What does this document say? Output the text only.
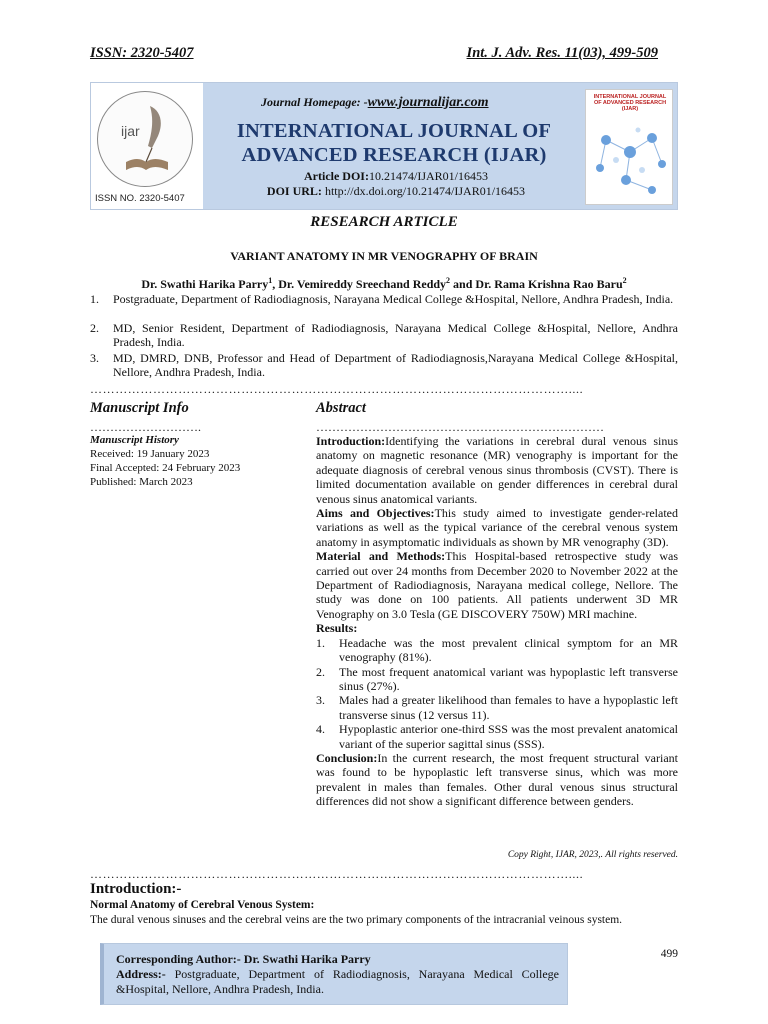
ISSN: 2320-5407	Int. J. Adv. Res. 11(03), 499-509
ijar
ISSN NO. 2320-5407
Journal Homepage: -www.journalijar.com
INTERNATIONAL JOURNAL OF
ADVANCED RESEARCH (IJAR)
Article DOI:10.21474/IJAR01/16453
DOI URL: http://dx.doi.org/10.21474/IJAR01/16453
INTERNATIONAL JOURNAL OF ADVANCED RESEARCH (IJAR)
RESEARCH ARTICLE
VARIANT ANATOMY IN MR VENOGRAPHY OF BRAIN
Dr. Swathi Harika Parry$^1$, Dr. Vemireddy Sreechand Reddy$^2$ and Dr. Rama Krishna Rao Baru$^2$
1.	Postgraduate, Department of Radiodiagnosis, Narayana Medical College &Hospital, Nellore, Andhra Pradesh, India.
2.	MD, Senior Resident, Department of Radiodiagnosis, Narayana Medical College &Hospital, Nellore, Andhra Pradesh, India.
3.	MD, DMRD, DNB, Professor and Head of Department of Radiodiagnosis,Narayana Medical College &Hospital, Nellore, Andhra Pradesh, India.
……………………………………………………………………………………………………....
Manuscript Info
……………………….
Manuscript History
Received: 19 January 2023
Final Accepted: 24 February 2023
Published: March 2023
Abstract
………………………………………………………………

Introduction:Identifying the variations in cerebral dural venous sinus anatomy on magnetic resonance (MR) venography is important for the adequate diagnosis of cerebral venous sinus thrombosis (CVST). There is limited documentation available on gender differences in cerebral dural venous sinus anatomical variants.

Aims and Objectives:This study aimed to investigate gender-related variations as well as the typical variance of the cerebral venous system anatomy in asymptomatic individuals as shown by MR venography (3D).

Material and Methods:This Hospital-based retrospective study was carried out over 24 months from December 2020 to November 2022 at the Department of Radiodiagnosis, Narayana medical college, Nellore. The study was done on 100 patients. All patients underwent 3D MR Venography on 3.0 Tesla (GE DISCOVERY 750W) MRI machine.

Results:

1. Headache was the most prevalent clinical symptom for an MR venography (81%).
2. The most frequent anatomical variant was hypoplastic left transverse sinus (27%).
3. Males had a greater likelihood than females to have a hypoplastic left transverse sinus (12 versus 11).
4. Hypoplastic anterior one-third SSS was the most prevalent anatomical variant of the superior sagittal sinus (SSS).

Conclusion:In the current research, the most frequent structural variant was found to be hypoplastic left transverse sinus, which was more prevalent in males than females. Other dural venous sinus structural differences did not show a significant difference between genders.

Copy Right, IJAR, 2023,. All rights reserved.
……………………………………………………………………………………………………....
Introduction:-
Normal Anatomy of Cerebral Venous System:
The dural venous sinuses and the cerebral veins are the two primary components of the intracranial veinous system.
Corresponding Author:- Dr. Swathi Harika Parry
Address:- Postgraduate, Department of Radiodiagnosis, Narayana Medical College &Hospital, Nellore, Andhra Pradesh, India.
499
